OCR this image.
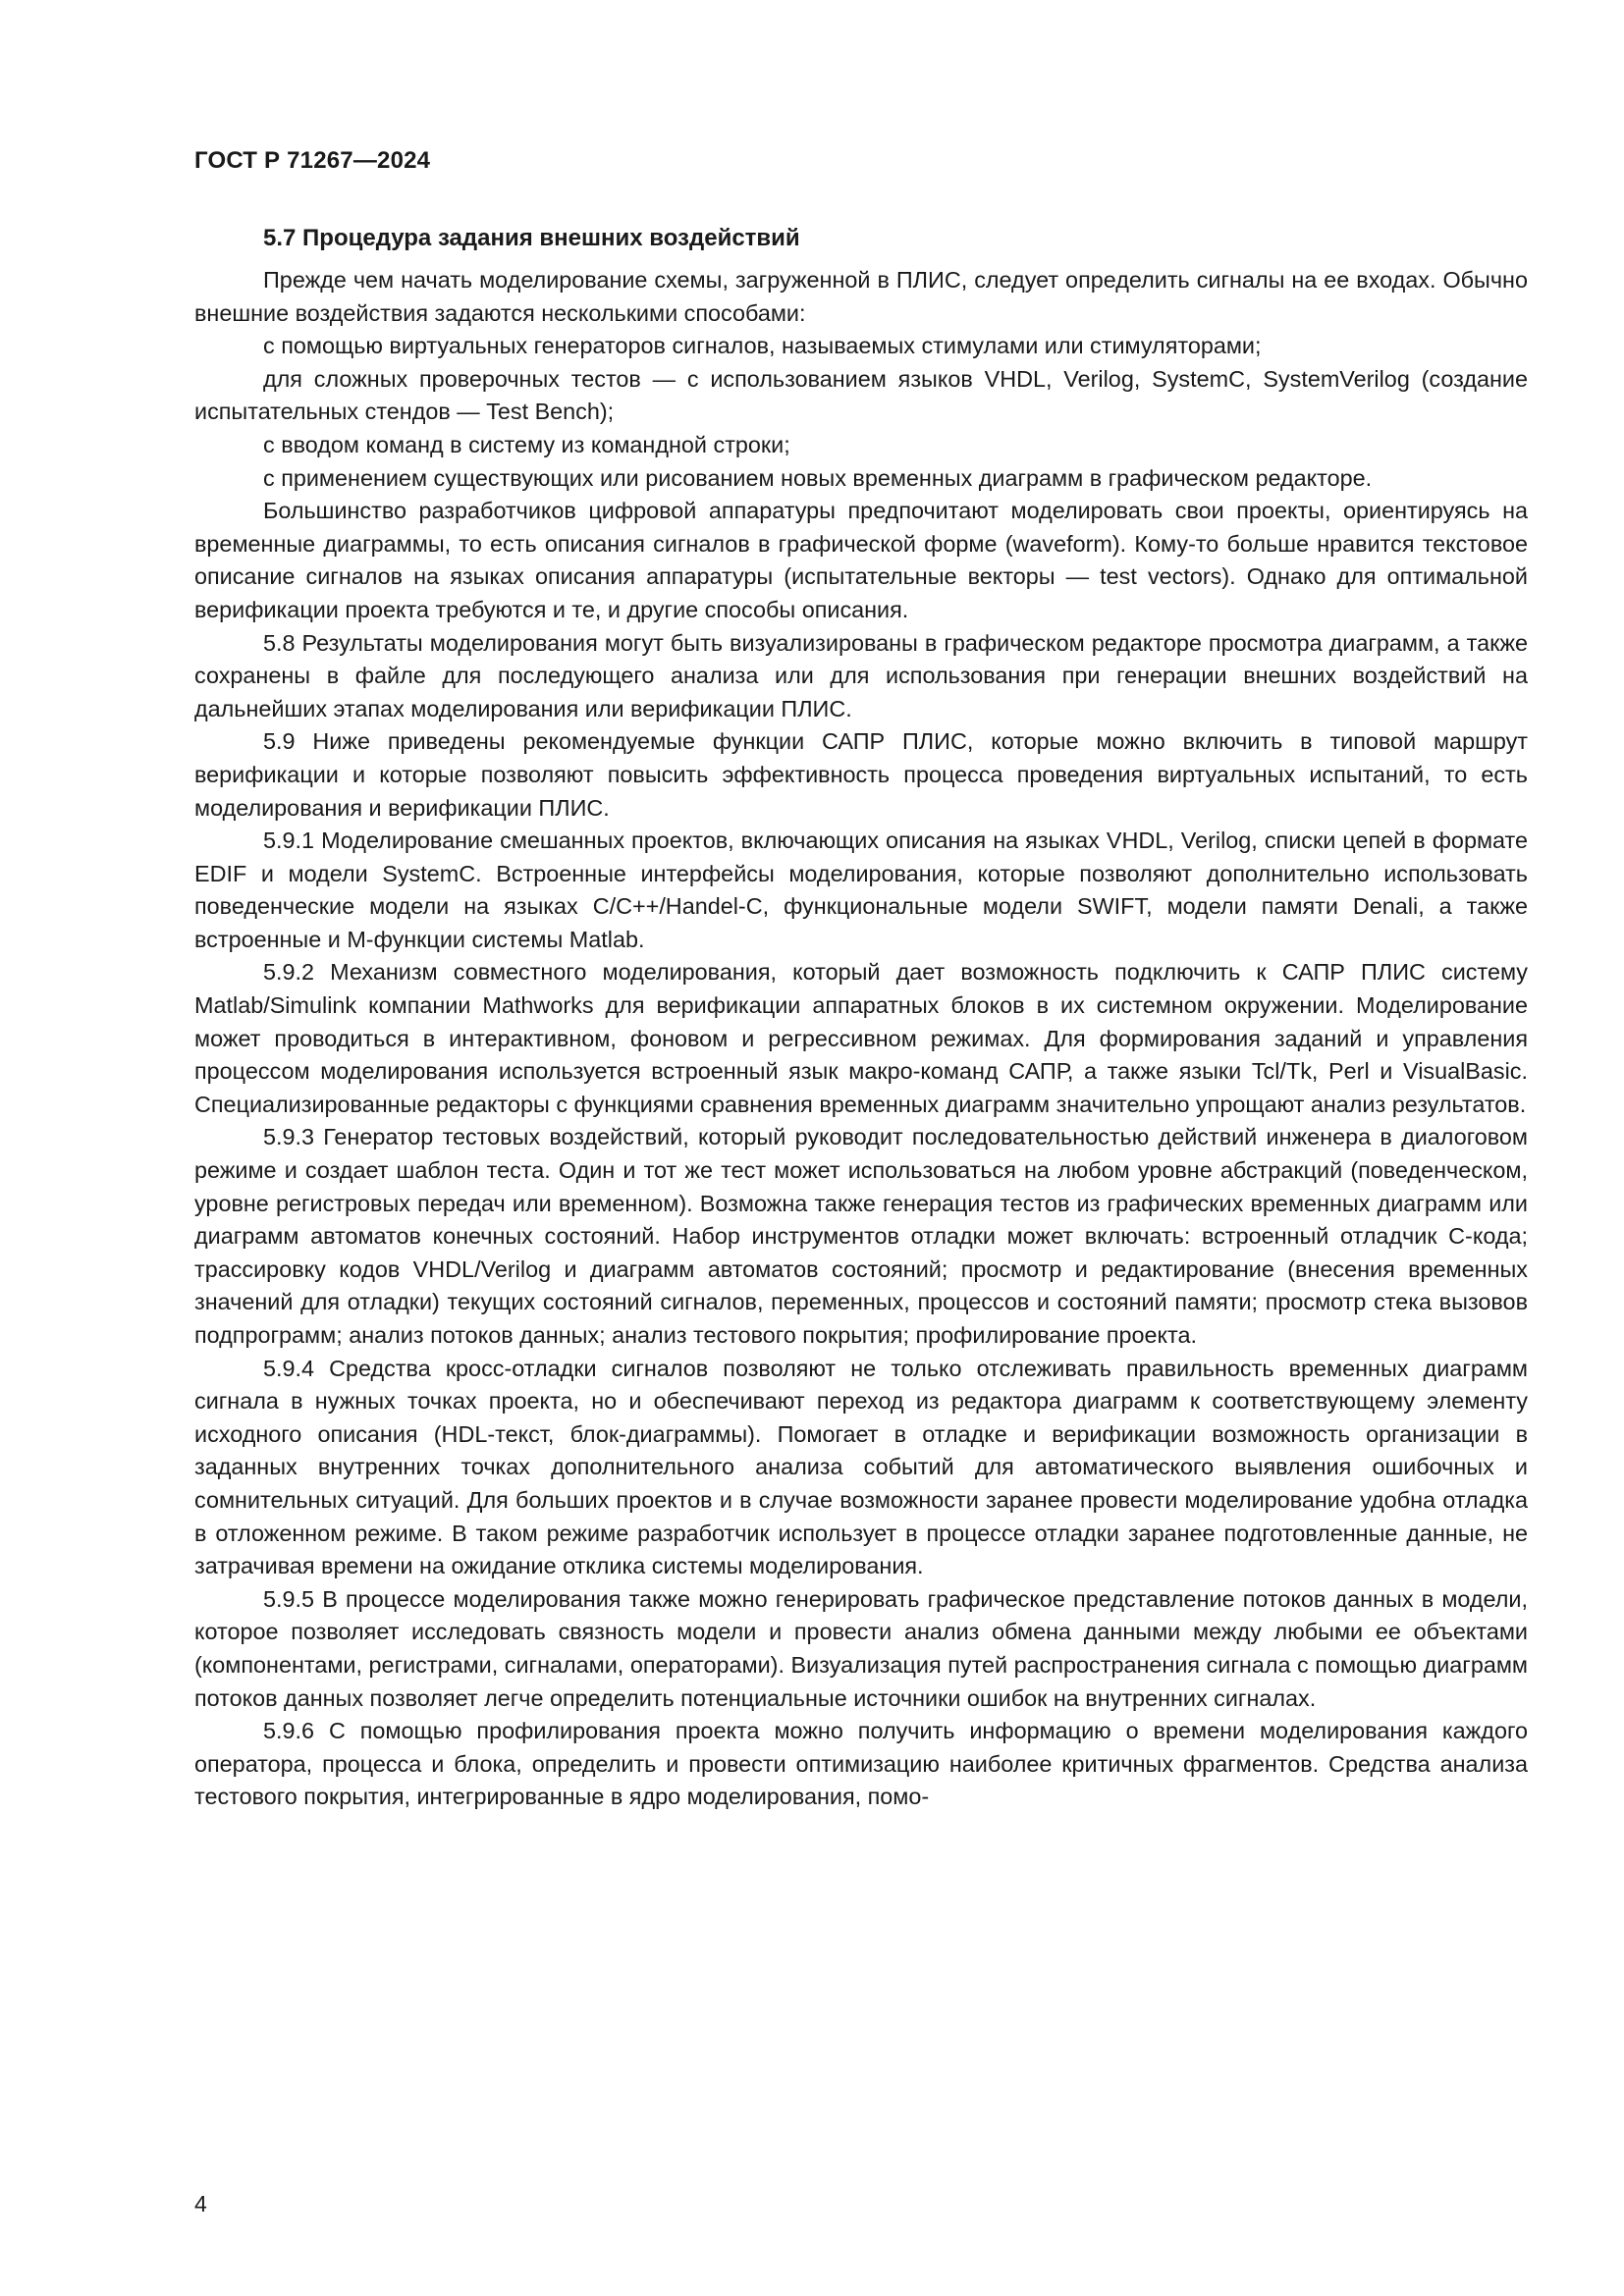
ГОСТ Р 71267—2024
5.7 Процедура задания внешних воздействий

Прежде чем начать моделирование схемы, загруженной в ПЛИС, следует определить сигналы на ее входах. Обычно внешние воздействия задаются несколькими способами:

с помощью виртуальных генераторов сигналов, называемых стимулами или стимуляторами;

для сложных проверочных тестов — с использованием языков VHDL, Verilog, SystemC, SystemVerilog (создание испытательных стендов — Test Bench);

с вводом команд в систему из командной строки;

с применением существующих или рисованием новых временных диаграмм в графическом редакторе.

Большинство разработчиков цифровой аппаратуры предпочитают моделировать свои проекты, ориентируясь на временные диаграммы, то есть описания сигналов в графической форме (waveform). Кому-то больше нравится текстовое описание сигналов на языках описания аппаратуры (испытательные векторы — test vectors). Однако для оптимальной верификации проекта требуются и те, и другие способы описания.

5.8 Результаты моделирования могут быть визуализированы в графическом редакторе просмотра диаграмм, а также сохранены в файле для последующего анализа или для использования при генерации внешних воздействий на дальнейших этапах моделирования или верификации ПЛИС.

5.9 Ниже приведены рекомендуемые функции САПР ПЛИС, которые можно включить в типовой маршрут верификации и которые позволяют повысить эффективность процесса проведения виртуальных испытаний, то есть моделирования и верификации ПЛИС.

5.9.1 Моделирование смешанных проектов, включающих описания на языках VHDL, Verilog, списки цепей в формате EDIF и модели SystemC. Встроенные интерфейсы моделирования, которые позволяют дополнительно использовать поведенческие модели на языках C/C++/Handel-C, функциональные модели SWIFT, модели памяти Denali, а также встроенные и М-функции системы Matlab.

5.9.2 Механизм совместного моделирования, который дает возможность подключить к САПР ПЛИС систему Matlab/Simulink компании Mathworks для верификации аппаратных блоков в их системном окружении. Моделирование может проводиться в интерактивном, фоновом и регрессивном режимах. Для формирования заданий и управления процессом моделирования используется встроенный язык макро-команд САПР, а также языки Tcl/Tk, Perl и VisualBasic. Специализированные редакторы с функциями сравнения временных диаграмм значительно упрощают анализ результатов.

5.9.3 Генератор тестовых воздействий, который руководит последовательностью действий инженера в диалоговом режиме и создает шаблон теста. Один и тот же тест может использоваться на любом уровне абстракций (поведенческом, уровне регистровых передач или временном). Возможна также генерация тестов из графических временных диаграмм или диаграмм автоматов конечных состояний. Набор инструментов отладки может включать: встроенный отладчик С-кода; трассировку кодов VHDL/Verilog и диаграмм автоматов состояний; просмотр и редактирование (внесения временных значений для отладки) текущих состояний сигналов, переменных, процессов и состояний памяти; просмотр стека вызовов подпрограмм; анализ потоков данных; анализ тестового покрытия; профилирование проекта.

5.9.4 Средства кросс-отладки сигналов позволяют не только отслеживать правильность временных диаграмм сигнала в нужных точках проекта, но и обеспечивают переход из редактора диаграмм к соответствующему элементу исходного описания (HDL-текст, блок-диаграммы). Помогает в отладке и верификации возможность организации в заданных внутренних точках дополнительного анализа событий для автоматического выявления ошибочных и сомнительных ситуаций. Для больших проектов и в случае возможности заранее провести моделирование удобна отладка в отложенном режиме. В таком режиме разработчик использует в процессе отладки заранее подготовленные данные, не затрачивая времени на ожидание отклика системы моделирования.

5.9.5 В процессе моделирования также можно генерировать графическое представление потоков данных в модели, которое позволяет исследовать связность модели и провести анализ обмена данными между любыми ее объектами (компонентами, регистрами, сигналами, операторами). Визуализация путей распространения сигнала с помощью диаграмм потоков данных позволяет легче определить потенциальные источники ошибок на внутренних сигналах.

5.9.6 С помощью профилирования проекта можно получить информацию о времени моделирования каждого оператора, процесса и блока, определить и провести оптимизацию наиболее критичных фрагментов. Средства анализа тестового покрытия, интегрированные в ядро моделирования, помо-

4
